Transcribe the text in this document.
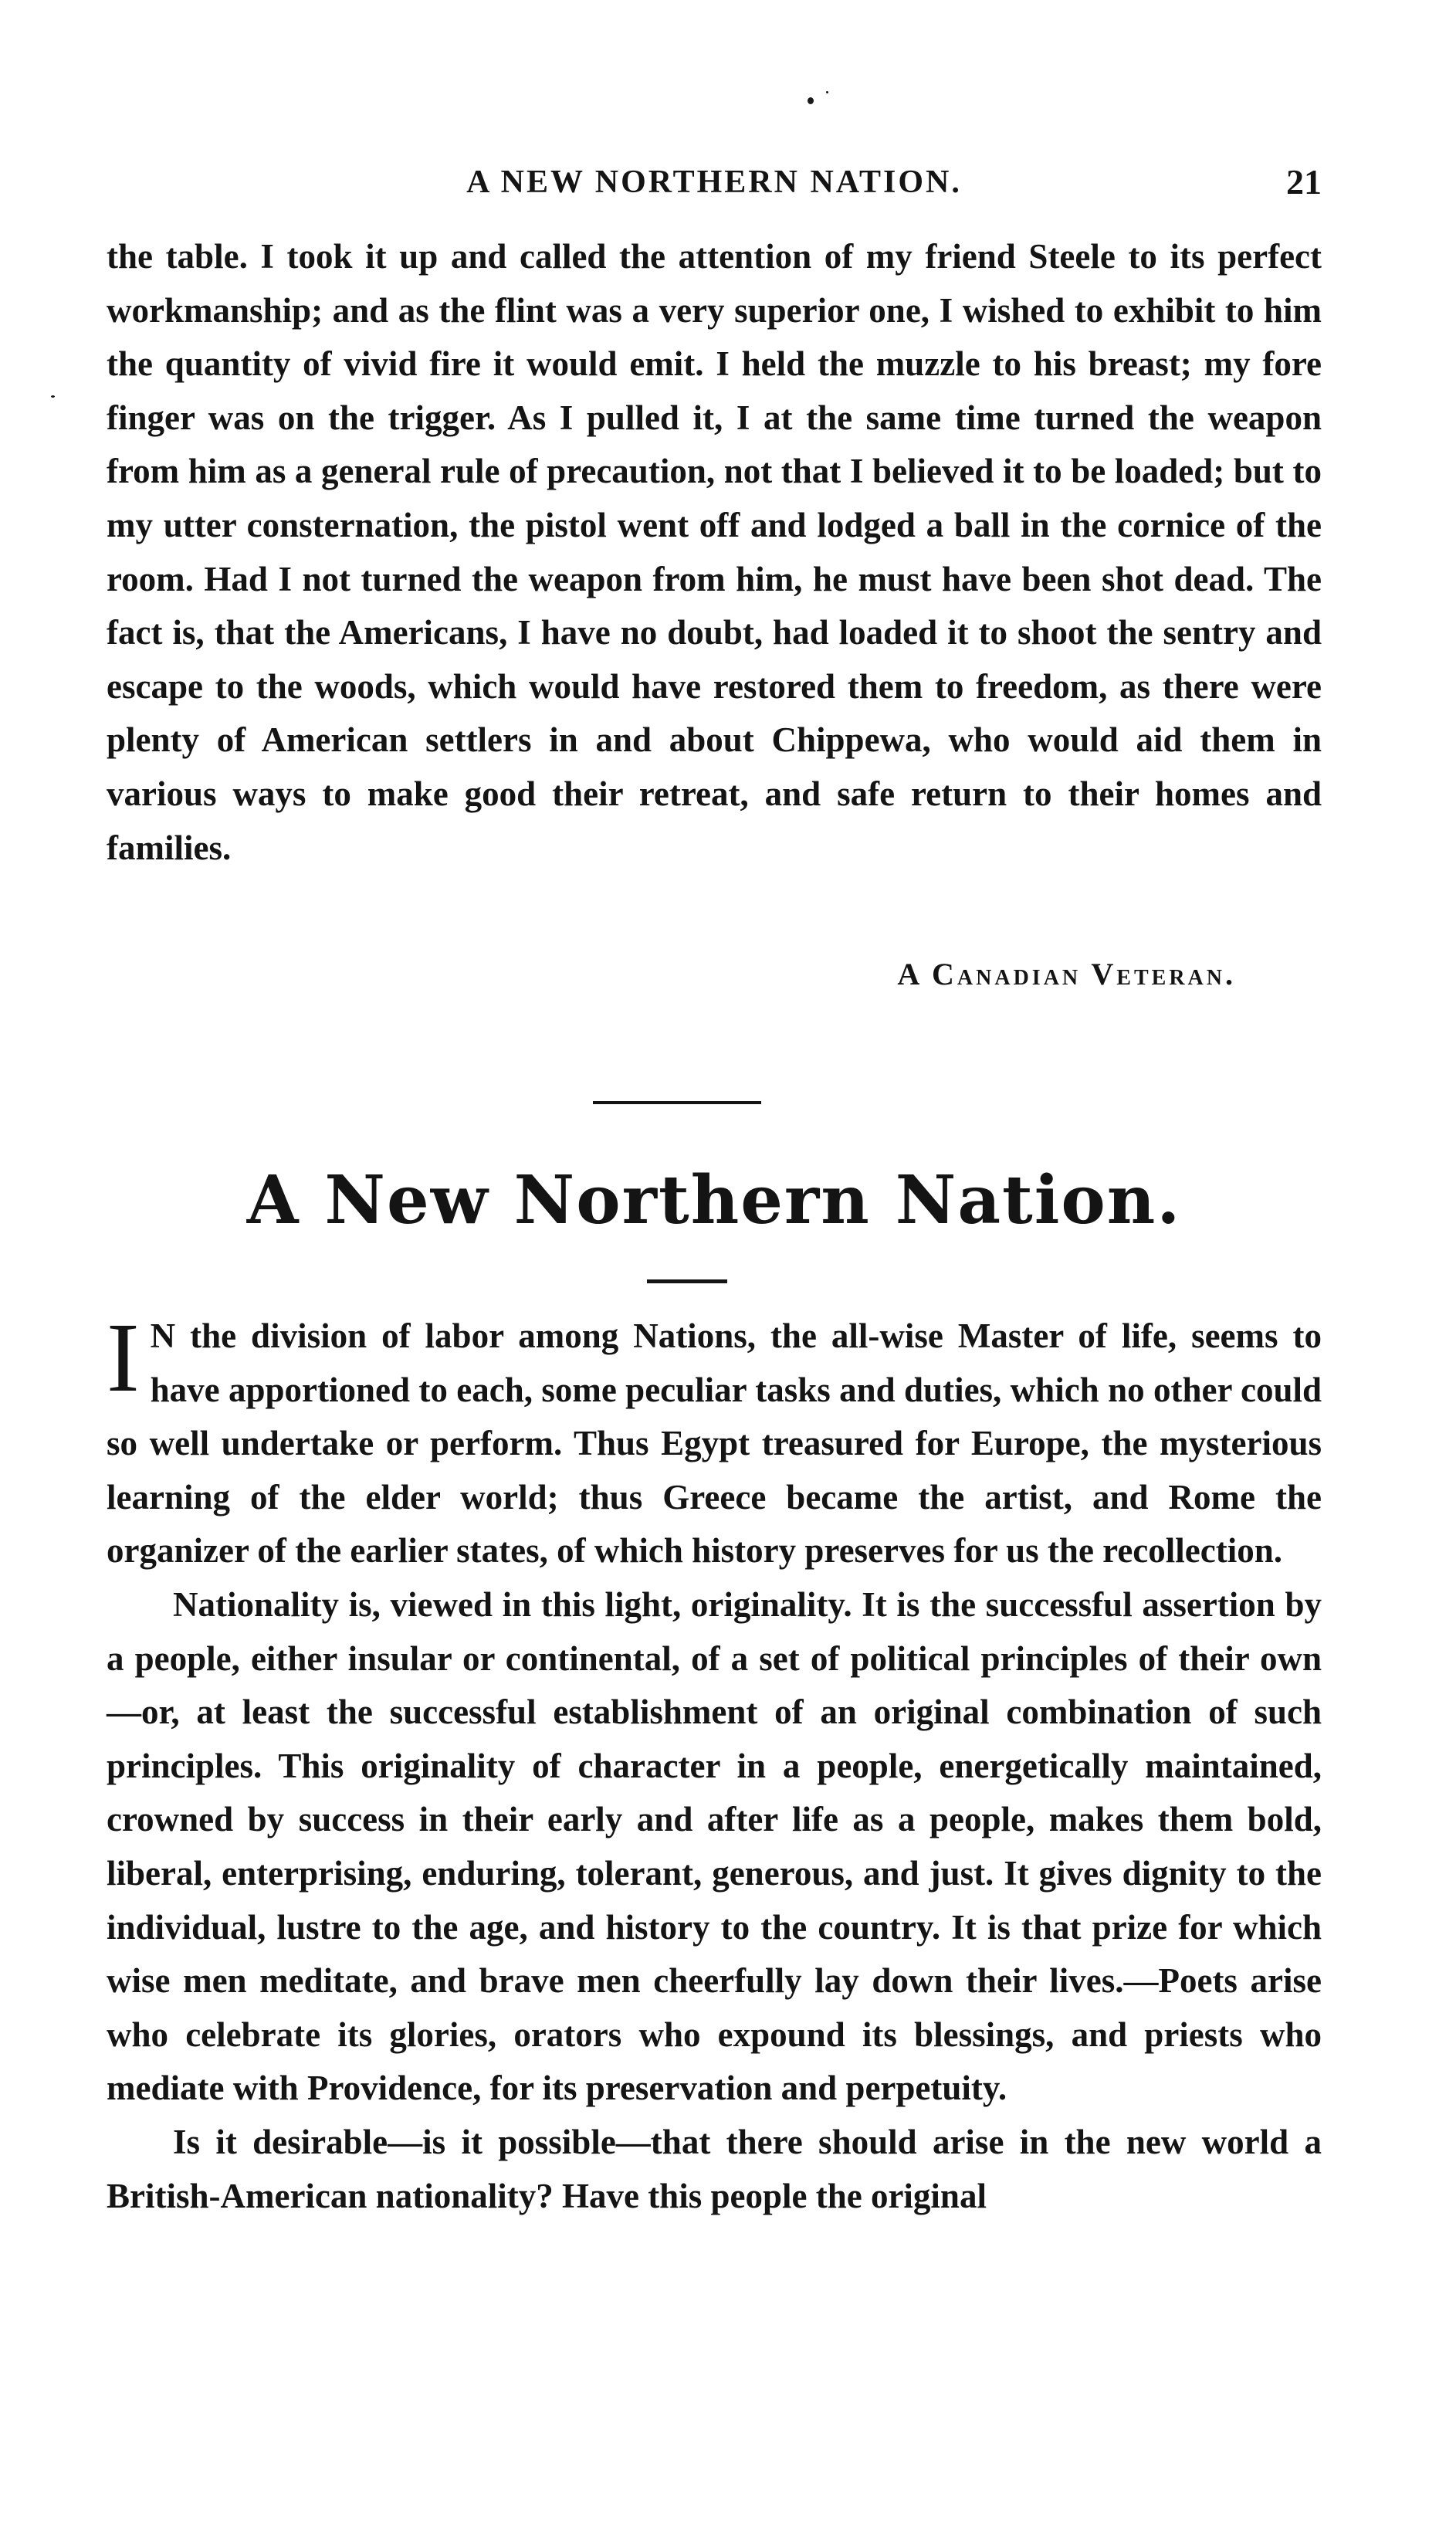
A NEW NORTHERN NATION.	21

the table. I took it up and called the attention of my friend Steele to its perfect workmanship; and as the flint was a very superior one, I wished to exhibit to him the quantity of vivid fire it would emit. I held the muzzle to his breast; my fore finger was on the trigger. As I pulled it, I at the same time turned the weapon from him as a general rule of precaution, not that I believed it to be loaded; but to my utter consternation, the pistol went off and lodged a ball in the cornice of the room. Had I not turned the weapon from him, he must have been shot dead. The fact is, that the Americans, I have no doubt, had loaded it to shoot the sentry and escape to the woods, which would have restored them to freedom, as there were plenty of American settlers in and about Chippewa, who would aid them in various ways to make good their retreat, and safe return to their homes and families.

A Canadian Veteran.
A New Northern Nation.

I N the division of labor among Nations, the all-wise Master of life, seems to have apportioned to each, some peculiar tasks and duties, which no other could so well undertake or perform. Thus Egypt treasured for Europe, the mysterious learning of the elder world; thus Greece became the artist, and Rome the organizer of the earlier states, of which history preserves for us the recollection.

Nationality is, viewed in this light, originality. It is the successful assertion by a people, either insular or continental, of a set of political principles of their own—or, at least the successful establishment of an original combination of such principles. This originality of character in a people, energetically maintained, crowned by success in their early and after life as a people, makes them bold, liberal, enterprising, enduring, tolerant, generous, and just. It gives dignity to the individual, lustre to the age, and history to the country. It is that prize for which wise men meditate, and brave men cheerfully lay down their lives.—Poets arise who celebrate its glories, orators who expound its blessings, and priests who mediate with Providence, for its preservation and perpetuity.

Is it desirable—is it possible—that there should arise in the new world a British-American nationality? Have this people the original
